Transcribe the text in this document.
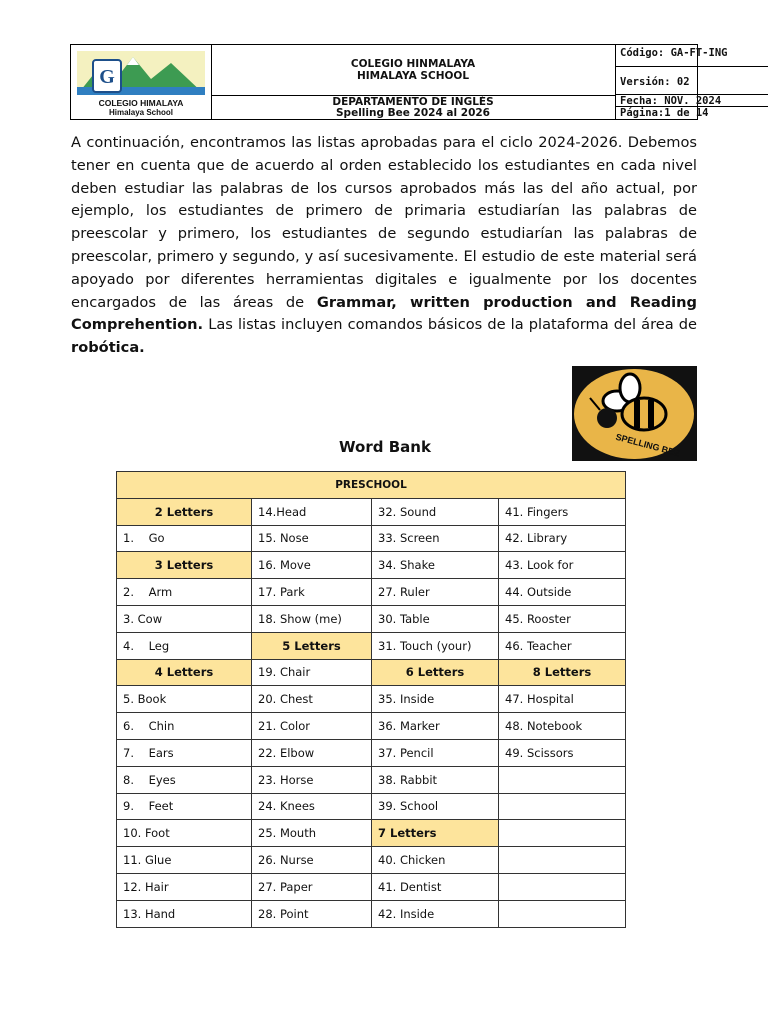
G
COLEGIO HIMALAYA
Himalaya School
COLEGIO HINMALAYA
HIMALAYA SCHOOL
DEPARTAMENTO DE INGLÉS
Spelling Bee 2024 al 2026
Código: GA-FT-ING
Versión: 02
Fecha: NOV. 2024
Página:1 de 14
A continuación, encontramos las listas aprobadas para el ciclo 2024-2026. Debemos tener en cuenta que de acuerdo al orden establecido los estudiantes en cada nivel deben estudiar las palabras de los cursos aprobados más las del año actual, por ejemplo, los estudiantes de primero de primaria estudiarían las palabras de preescolar y primero, los estudiantes de segundo estudiarían las palabras de preescolar, primero y segundo, y así sucesivamente. El estudio de este material será apoyado por diferentes herramientas digitales e igualmente por los docentes encargados de las áreas de Grammar, written production and Reading Comprehention. Las listas incluyen comandos básicos de la plataforma del área de robótica.
SPELLING BEE
Word Bank
PRESCHOOL			
2 Letters	14.Head	32. Sound	41. Fingers
1.    Go	15. Nose	33. Screen	42. Library
3 Letters	16. Move	34. Shake	43. Look for
2.    Arm	17. Park	27. Ruler	44. Outside
3. Cow	18. Show (me)	30. Table	45. Rooster
4.    Leg	5 Letters	31. Touch (your)	46. Teacher
4 Letters	19. Chair	6 Letters	8 Letters
5. Book	20. Chest	35. Inside	47. Hospital
6.    Chin	21. Color	36. Marker	48. Notebook
7.    Ears	22. Elbow	37. Pencil	49. Scissors
8.    Eyes	23. Horse	38. Rabbit	
9.    Feet	24. Knees	39. School	
10. Foot	25. Mouth	7 Letters	
11. Glue	26. Nurse	40. Chicken	
12. Hair	27. Paper	41. Dentist	
13. Hand	28. Point	42. Inside	
